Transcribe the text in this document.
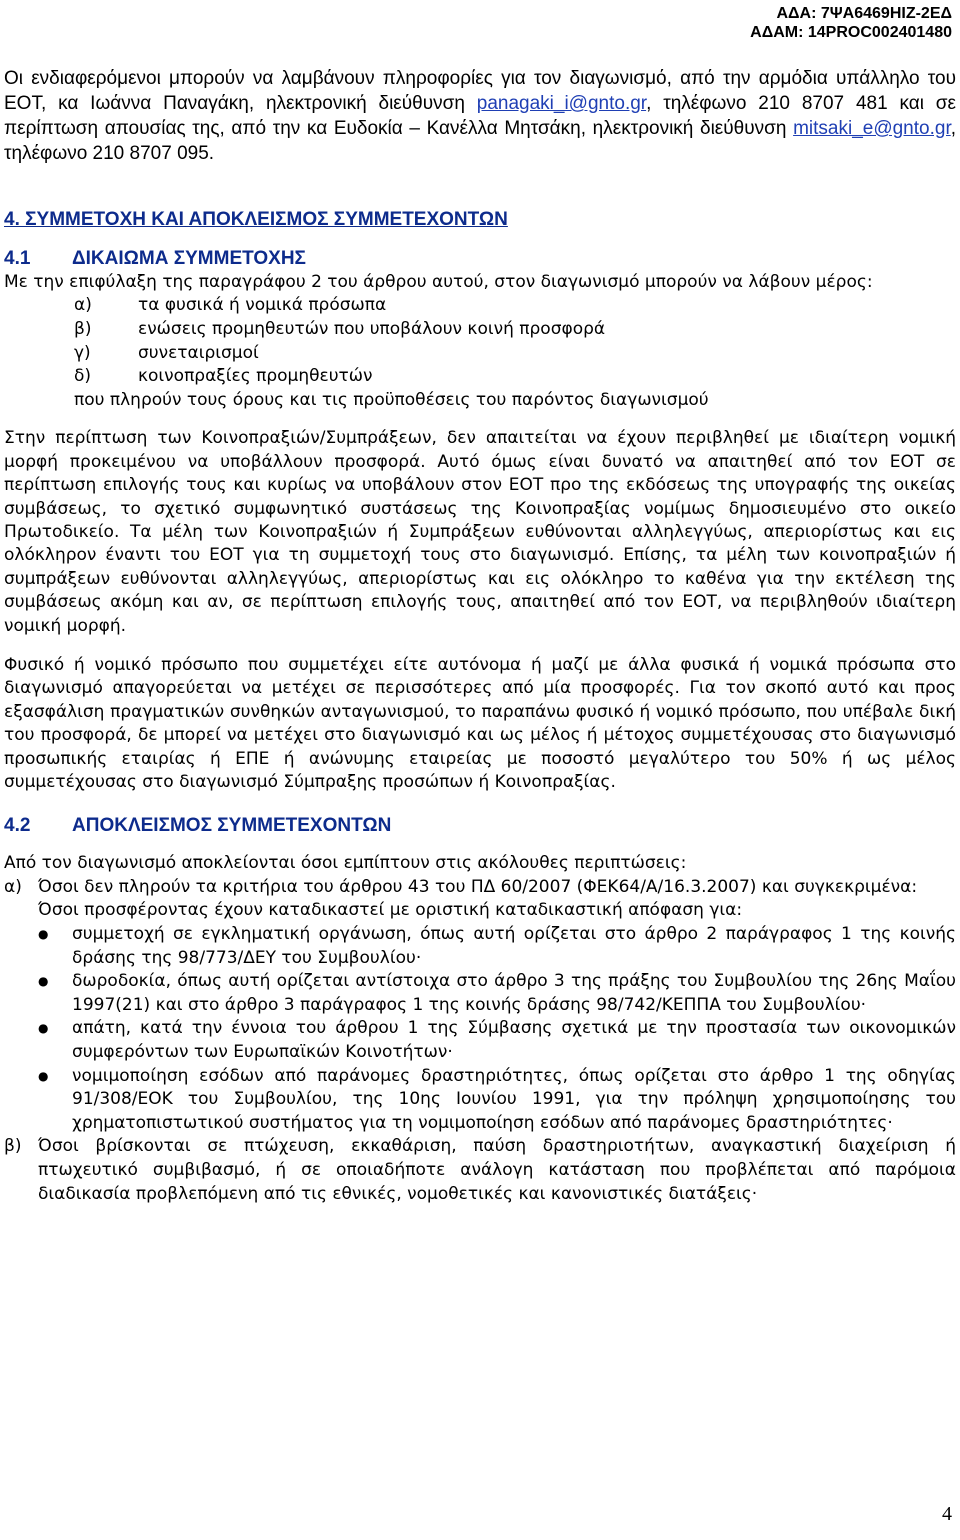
ΑΔΑ: 7ΨΑ6469ΗΙΖ-2ΕΔ
ΑΔΑΜ: 14PROC002401480

Οι ενδιαφερόμενοι μπορούν να λαμβάνουν πληροφορίες για τον διαγωνισμό, από την αρμόδια υπάλληλο του ΕΟΤ, κα Ιωάννα Παναγάκη, ηλεκτρονική διεύθυνση panagaki_i@gnto.gr, τηλέφωνο 210 8707 481 και σε περίπτωση απουσίας της, από την κα Ευδοκία – Κανέλλα Μητσάκη, ηλεκτρονική διεύθυνση mitsaki_e@gnto.gr, τηλέφωνο 210 8707 095.

4. ΣΥΜΜΕΤΟΧΗ ΚΑΙ ΑΠΟΚΛΕΙΣΜΟΣ ΣΥΜΜΕΤΕΧΟΝΤΩΝ
4.1 ΔΙΚΑΙΩΜΑ ΣΥΜΜΕΤΟΧΗΣ

Με την επιφύλαξη της παραγράφου 2 του άρθρου αυτού, στον διαγωνισμό μπορούν να λάβουν μέρος:

α)	τα φυσικά ή νομικά πρόσωπα
β)	ενώσεις προμηθευτών που υποβάλουν κοινή προσφορά
γ)	συνεταιρισμοί
δ)	κοινοπραξίες προμηθευτών
που πληρούν τους όρους και τις προϋποθέσεις του παρόντος διαγωνισμού

Στην περίπτωση των Κοινοπραξιών/Συμπράξεων, δεν απαιτείται να έχουν περιβληθεί με ιδιαίτερη νομική μορφή προκειμένου να υποβάλλουν προσφορά. Αυτό όμως είναι δυνατό να απαιτηθεί από τον ΕΟΤ σε περίπτωση επιλογής τους και κυρίως να υποβάλουν στον ΕΟΤ προ της εκδόσεως της υπογραφής της οικείας συμβάσεως, το σχετικό συμφωνητικό συστάσεως της Κοινοπραξίας νομίμως δημοσιευμένο στο οικείο Πρωτοδικείο. Τα μέλη των Κοινοπραξιών ή Συμπράξεων ευθύνονται αλληλεγγύως, απεριορίστως και εις ολόκληρον έναντι του ΕΟΤ για τη συμμετοχή τους στο διαγωνισμό. Επίσης, τα μέλη των κοινοπραξιών ή συμπράξεων ευθύνονται αλληλεγγύως, απεριορίστως και εις ολόκληρο το καθένα για την εκτέλεση της συμβάσεως ακόμη και αν, σε περίπτωση επιλογής τους, απαιτηθεί από τον ΕΟΤ, να περιβληθούν ιδιαίτερη νομική μορφή.

Φυσικό ή νομικό πρόσωπο που συμμετέχει είτε αυτόνομα ή μαζί με άλλα φυσικά ή νομικά πρόσωπα στο διαγωνισμό απαγορεύεται να μετέχει σε περισσότερες από μία προσφορές. Για τον σκοπό αυτό και προς εξασφάλιση πραγματικών συνθηκών ανταγωνισμού, το παραπάνω φυσικό ή νομικό πρόσωπο, που υπέβαλε δική του προσφορά, δε μπορεί να μετέχει στο διαγωνισμό και ως μέλος ή μέτοχος συμμετέχουσας στο διαγωνισμό προσωπικής εταιρίας ή ΕΠΕ ή ανώνυμης εταιρείας με ποσοστό μεγαλύτερο του 50% ή ως μέλος συμμετέχουσας στο διαγωνισμό Σύμπραξης προσώπων ή Κοινοπραξίας.

4.2 ΑΠΟΚΛΕΙΣΜΟΣ ΣΥΜΜΕΤΕΧΟΝΤΩΝ

Από τον διαγωνισμό αποκλείονται όσοι εμπίπτουν στις ακόλουθες περιπτώσεις:

α) Όσοι δεν πληρούν τα κριτήρια του άρθρου 43 του ΠΔ 60/2007 (ΦΕΚ64/Α/16.3.2007) και συγκεκριμένα:
Όσοι προσφέροντας έχουν καταδικαστεί με οριστική καταδικαστική απόφαση για:
●	συμμετοχή σε εγκληματική οργάνωση, όπως αυτή ορίζεται στο άρθρο 2 παράγραφος 1 της κοινής δράσης της 98/773/ΔΕΥ του Συμβουλίου·
●	δωροδοκία, όπως αυτή ορίζεται αντίστοιχα στο άρθρο 3 της πράξης του Συμβουλίου της 26ης Μαΐου 1997(21) και στο άρθρο 3 παράγραφος 1 της κοινής δράσης 98/742/ΚΕΠΠΑ του Συμβουλίου·
●	απάτη, κατά την έννοια του άρθρου 1 της Σύμβασης σχετικά με την προστασία των οικονομικών συμφερόντων των Ευρωπαϊκών Κοινοτήτων·
●	νομιμοποίηση εσόδων από παράνομες δραστηριότητες, όπως ορίζεται στο άρθρο 1 της οδηγίας 91/308/ΕΟΚ του Συμβουλίου, της 10ης Ιουνίου 1991, για την πρόληψη χρησιμοποίησης του χρηματοπιστωτικού συστήματος για τη νομιμοποίηση εσόδων από παράνομες δραστηριότητες·
β) Όσοι βρίσκονται σε πτώχευση, εκκαθάριση, παύση δραστηριοτήτων, αναγκαστική διαχείριση ή πτωχευτικό συμβιβασμό, ή σε οποιαδήποτε ανάλογη κατάσταση που προβλέπεται από παρόμοια διαδικασία προβλεπόμενη από τις εθνικές, νομοθετικές και κανονιστικές διατάξεις·
4
